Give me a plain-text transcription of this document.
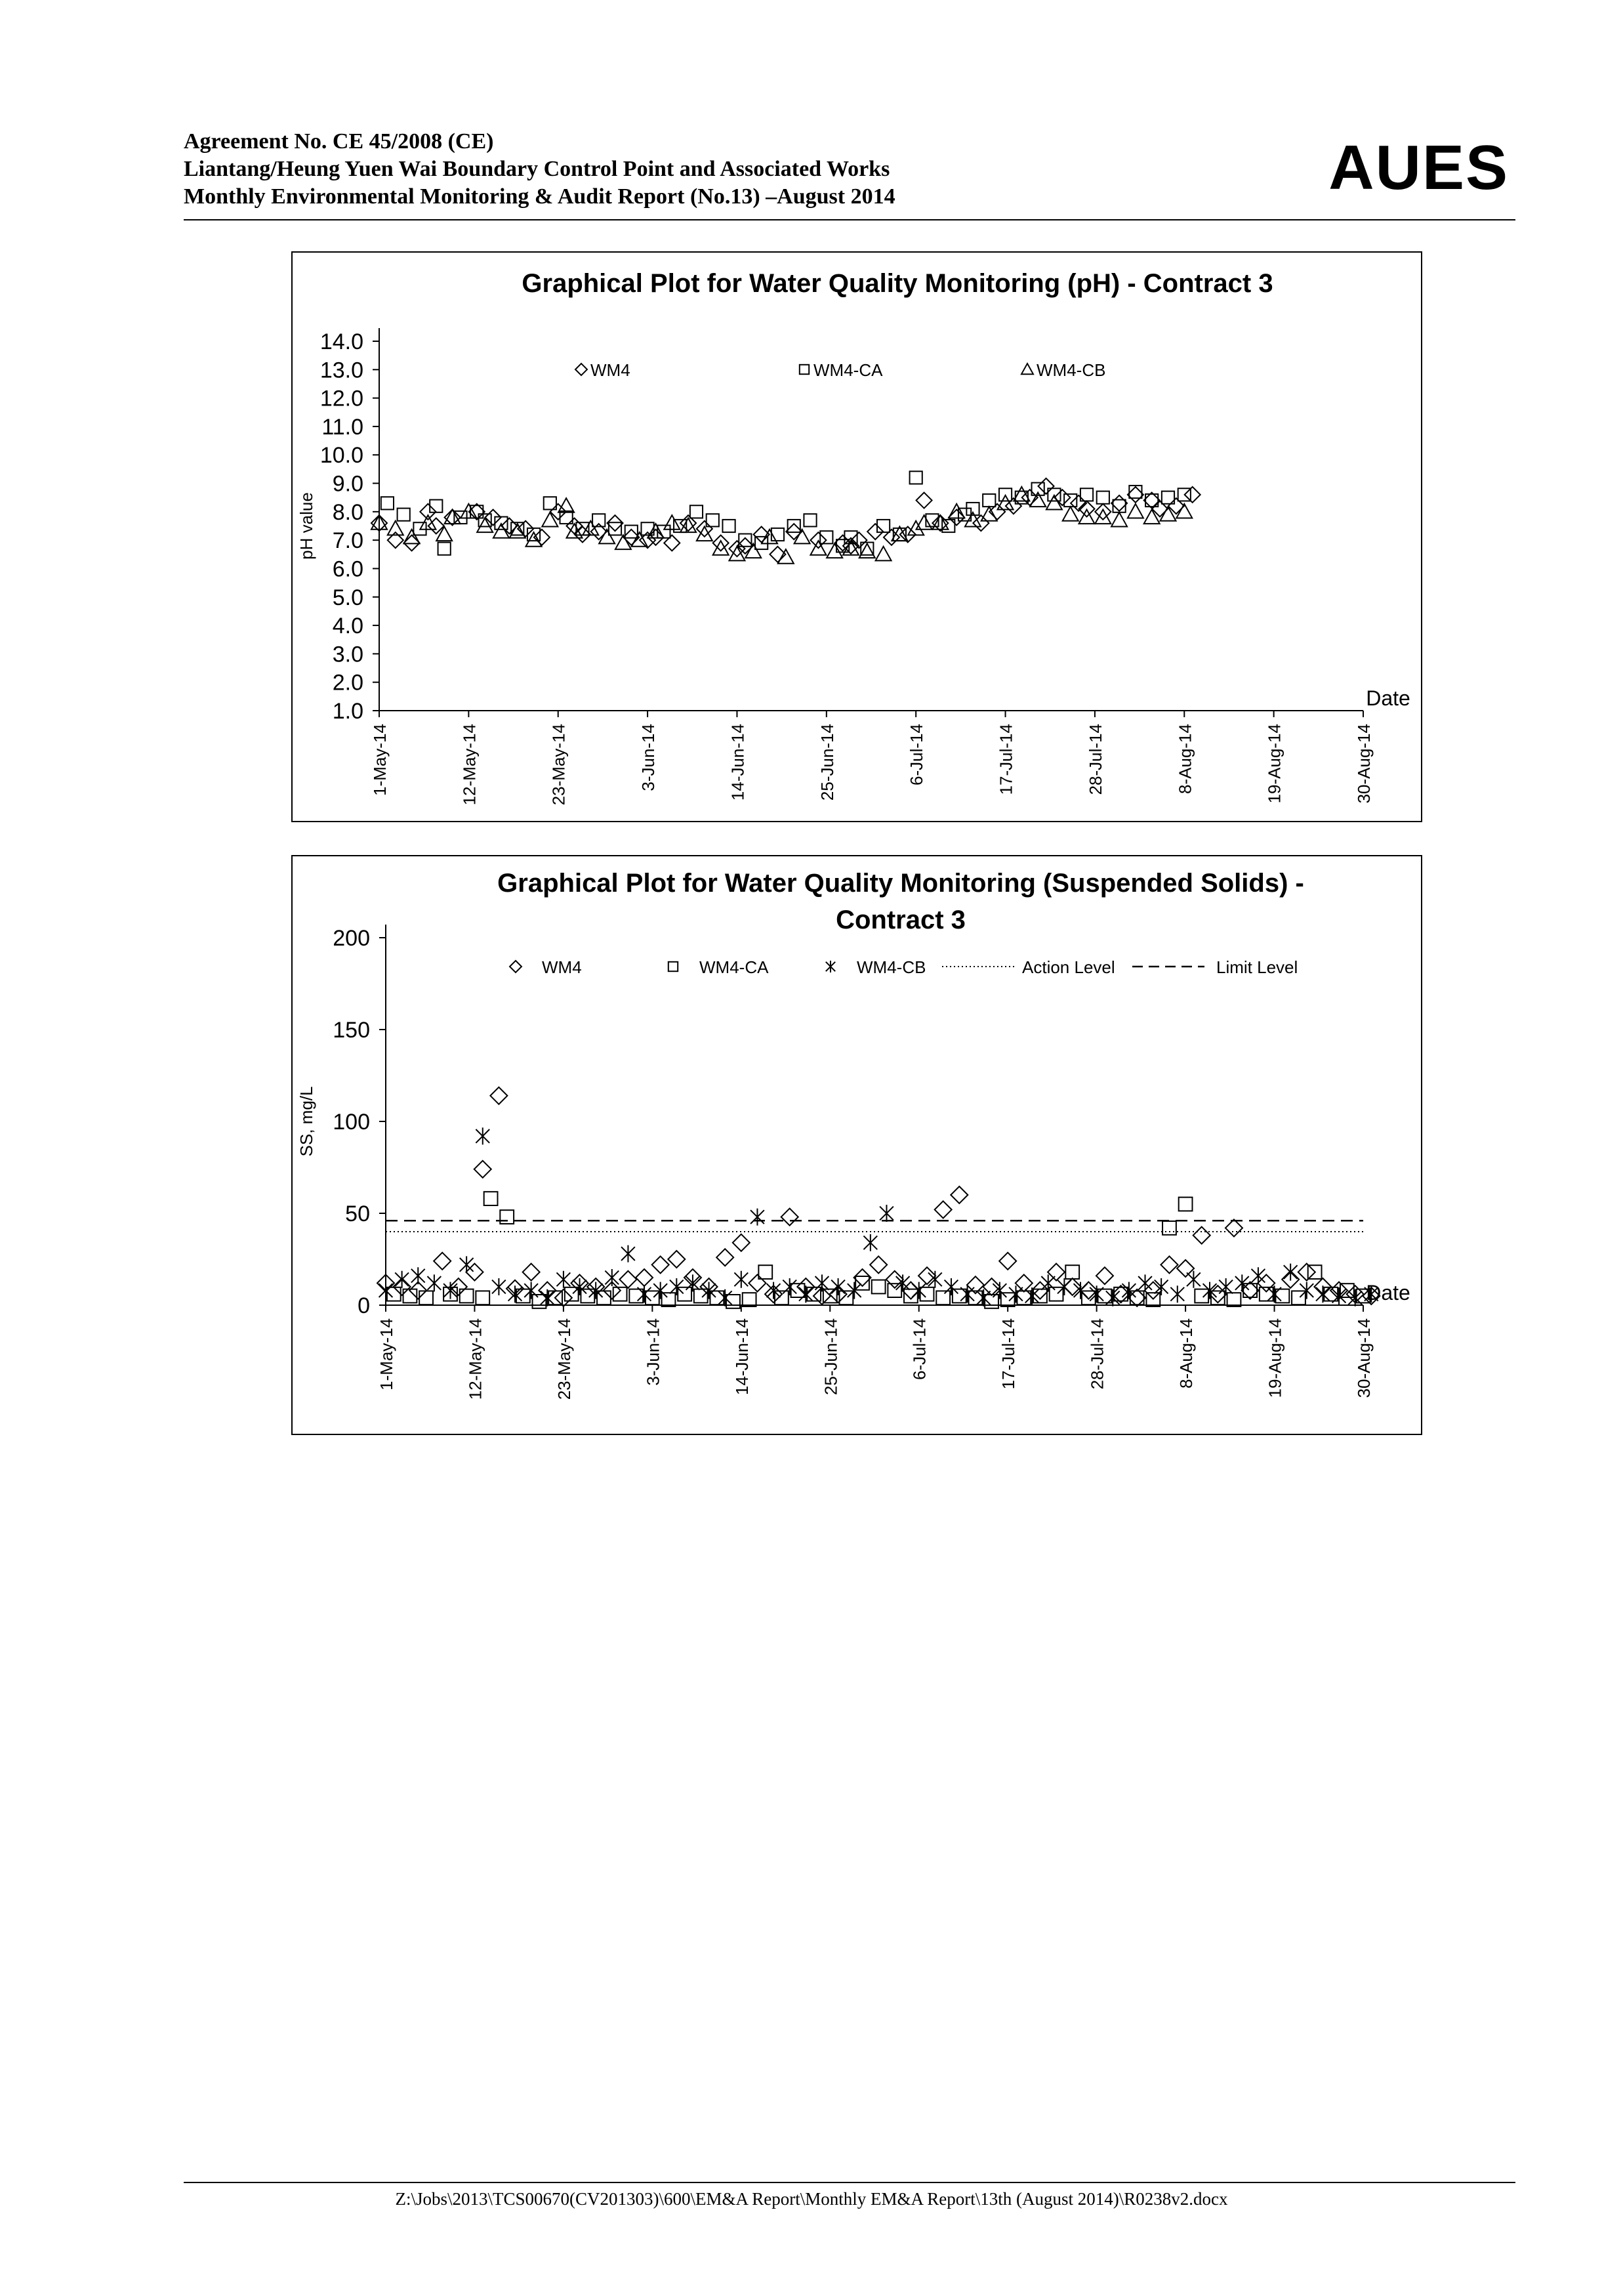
Agreement No. CE 45/2008 (CE)
Liantang/Heung Yuen Wai Boundary Control Point and Associated Works
Monthly Environmental Monitoring & Audit Report (No.13) –August 2014	AUES
Graphical Plot for Water Quality Monitoring (pH) - Contract 3
14.0
13.0
12.0
11.0
10.0
9.0
8.0
7.0
6.0
5.0
4.0
3.0
2.0
1.0
1-May-14	12-May-14	23-May-14	3-Jun-14	14-Jun-14	25-Jun-14	6-Jul-14	17-Jul-14	28-Jul-14	8-Aug-14	19-Aug-14	30-Aug-14
pH value
Date
WM4	WM4-CA	WM4-CB
Graphical Plot for Water Quality Monitoring (Suspended Solids) -
Contract 3
200
150
100
50
0
1-May-14	12-May-14	23-May-14	3-Jun-14	14-Jun-14	25-Jun-14	6-Jul-14	17-Jul-14	28-Jul-14	8-Aug-14	19-Aug-14	30-Aug-14
SS, mg/L
Date
WM4	WM4-CA	WM4-CB	Action Level	Limit Level
Z:\Jobs\2013\TCS00670(CV201303)\600\EM&A Report\Monthly EM&A Report\13th (August 2014)\R0238v2.docx
